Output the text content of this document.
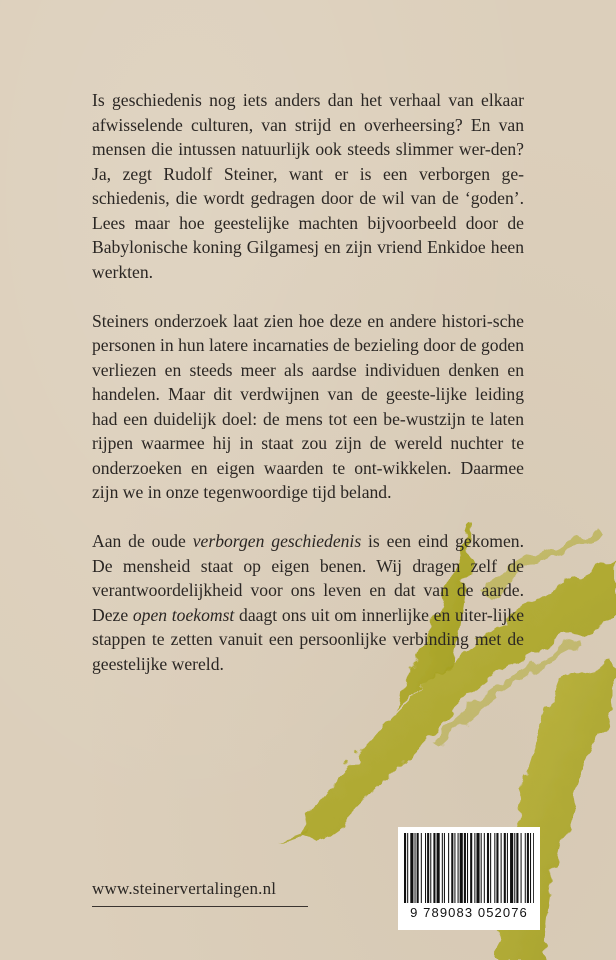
Is geschiedenis nog iets anders dan het verhaal van elkaar afwisselende culturen, van strijd en overheersing? En van mensen die intussen natuurlijk ook steeds slimmer wer-den? Ja, zegt Rudolf Steiner, want er is een verborgen ge-schiedenis, die wordt gedragen door de wil van de ‘goden’. Lees maar hoe geestelijke machten bijvoorbeeld door de Babylonische koning Gilgamesj en zijn vriend Enkidoe heen werkten.

Steiners onderzoek laat zien hoe deze en andere histori-sche personen in hun latere incarnaties de bezieling door de goden verliezen en steeds meer als aardse individuen denken en handelen. Maar dit verdwijnen van de geeste-lijke leiding had een duidelijk doel: de mens tot een be-wustzijn te laten rijpen waarmee hij in staat zou zijn de wereld nuchter te onderzoeken en eigen waarden te ont-wikkelen. Daarmee zijn we in onze tegenwoordige tijd beland.

Aan de oude verborgen geschiedenis is een eind gekomen. De mensheid staat op eigen benen. Wij dragen zelf de verantwoordelijkheid voor ons leven en dat van de aarde. Deze open toekomst daagt ons uit om innerlijke en uiter-lijke stappen te zetten vanuit een persoonlijke verbinding met de geestelijke wereld.

www.steinervertalingen.nl
9 789083 052076
